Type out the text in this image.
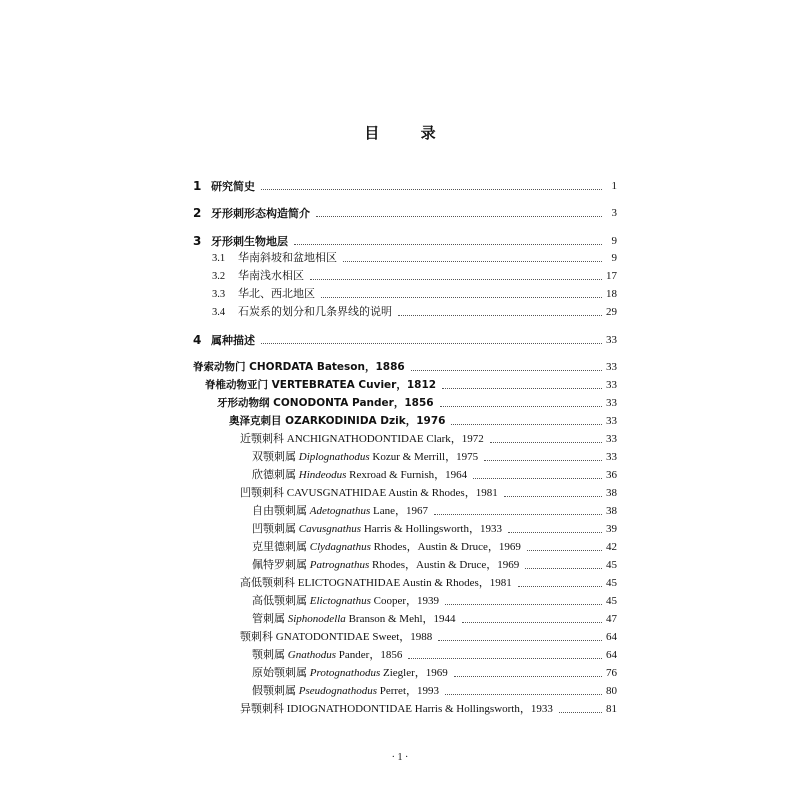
目 录
1 研究简史	1
2 牙形刺形态构造简介	3
3 牙形刺生物地层	9
3.1	华南斜坡和盆地相区	9
3.2	华南浅水相区	17
3.3	华北、西北地区	18
3.4	石炭系的划分和几条界线的说明	29
4 属种描述	33
脊索动物门 CHORDATA Bateson，1886	33
脊椎动物亚门 VERTEBRATEA Cuvier，1812	33
牙形动物纲 CONODONTA Pander，1856	33
奥泽克刺目 OZARKODINIDA Dzik，1976	33
近颚刺科 ANCHIGNATHODONTIDAE Clark，1972	33
双颚刺属 Diplognathodus Kozur & Merrill，1975	33
欣德刺属 Hindeodus Rexroad & Furnish，1964	36
凹颚刺科 CAVUSGNATHIDAE Austin & Rhodes，1981	38
自由颚刺属 Adetognathus Lane，1967	38
凹颚刺属 Cavusgnathus Harris & Hollingsworth，1933	39
克里德刺属 Clydagnathus Rhodes，Austin & Druce，1969	42
佩特罗刺属 Patrognathus Rhodes，Austin & Druce，1969	45
高低颚刺科 ELICTOGNATHIDAE Austin & Rhodes，1981	45
高低颚刺属 Elictognathus Cooper，1939	45
管刺属 Siphonodella Branson & Mehl，1944	47
颚刺科 GNATODONTIDAE Sweet，1988	64
颚刺属 Gnathodus Pander，1856	64
原始颚刺属 Protognathodus Ziegler，1969	76
假颚刺属 Pseudognathodus Perret，1993	80
异颚刺科 IDIOGNATHODONTIDAE Harris & Hollingsworth，1933	81
· 1 ·
